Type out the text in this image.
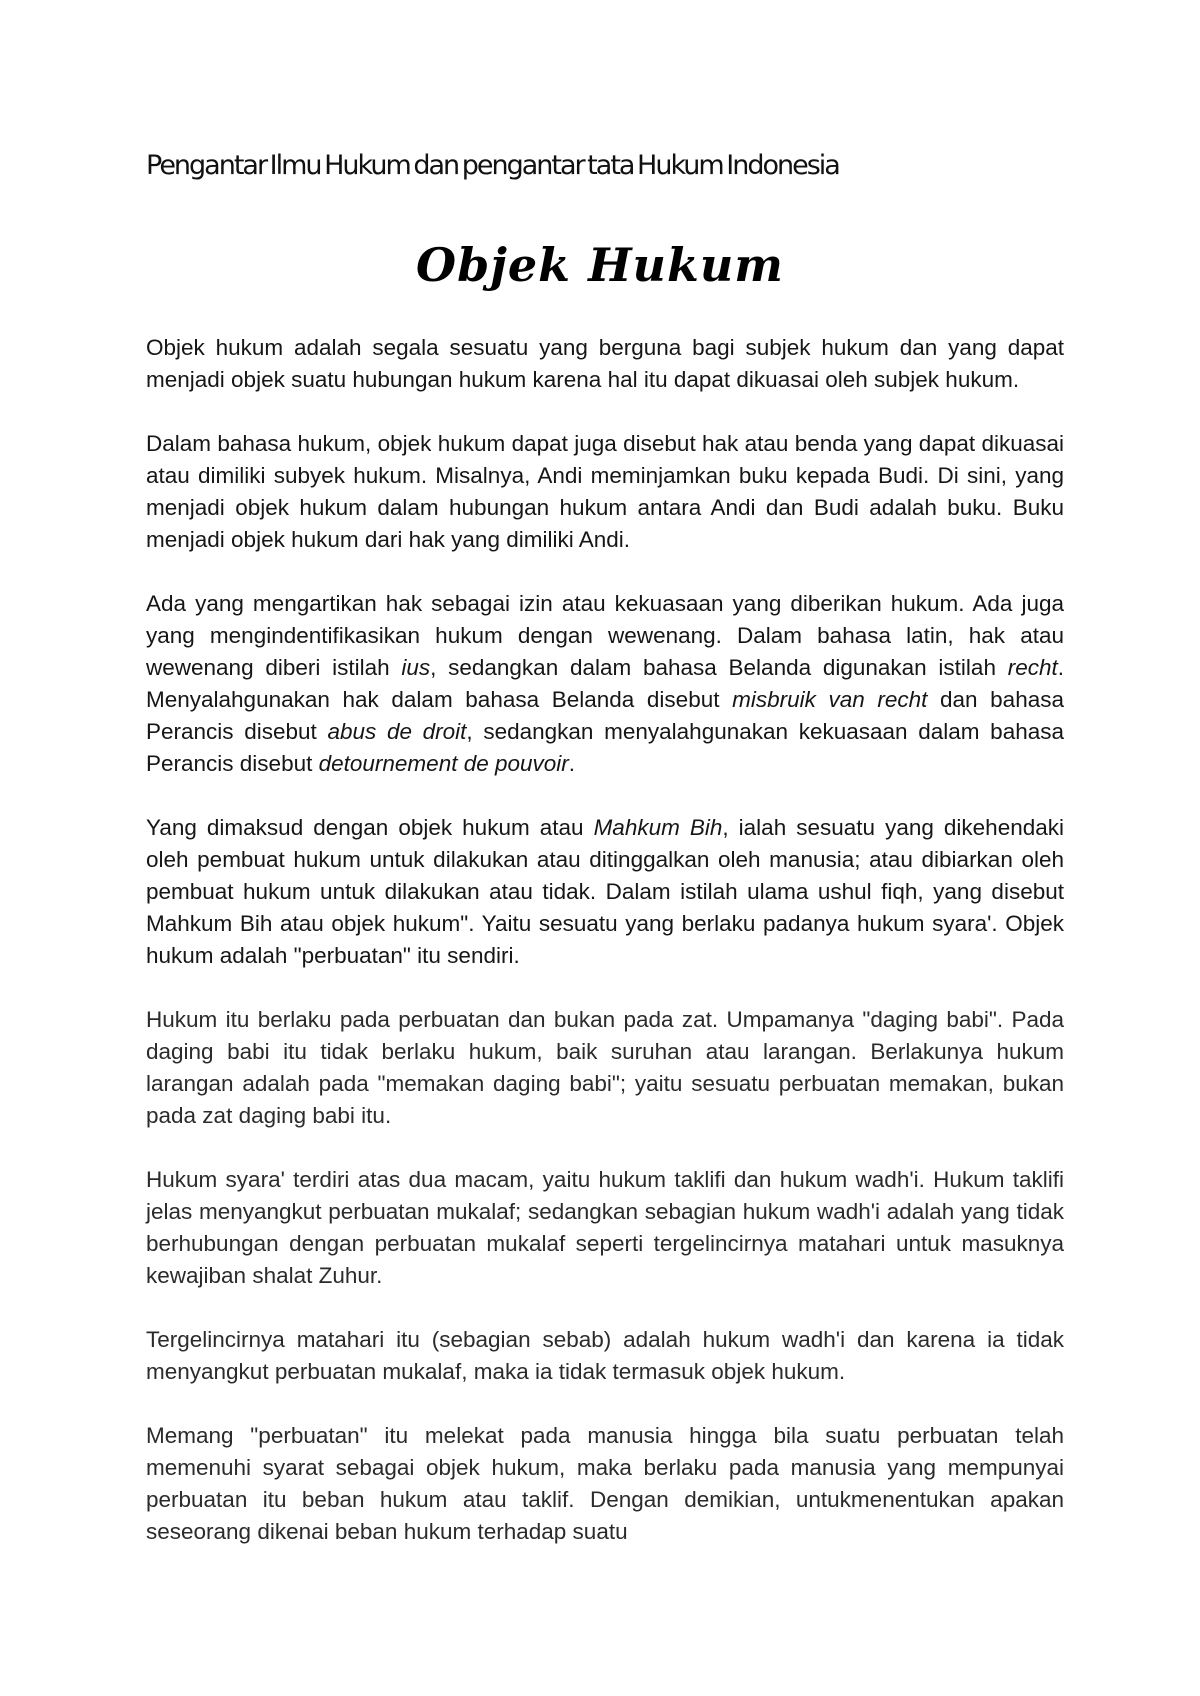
Pengantar Ilmu Hukum dan pengantar tata Hukum Indonesia
Objek Hukum

Objek hukum adalah segala sesuatu yang berguna bagi subjek hukum dan yang dapat menjadi objek suatu hubungan hukum karena hal itu dapat dikuasai oleh subjek hukum.

Dalam bahasa hukum, objek hukum dapat juga disebut hak atau benda yang dapat dikuasai atau dimiliki subyek hukum. Misalnya, Andi meminjamkan buku kepada Budi. Di sini, yang menjadi objek hukum dalam hubungan hukum antara Andi dan Budi adalah buku. Buku menjadi objek hukum dari hak yang dimiliki Andi.

Ada yang mengartikan hak sebagai izin atau kekuasaan yang diberikan hukum. Ada juga yang mengindentifikasikan hukum dengan wewenang. Dalam bahasa latin, hak atau wewenang diberi istilah ius, sedangkan dalam bahasa Belanda digunakan istilah recht. Menyalahgunakan hak dalam bahasa Belanda disebut misbruik van recht dan bahasa Perancis disebut abus de droit, sedangkan menyalahgunakan kekuasaan dalam bahasa Perancis disebut detournement de pouvoir.

Yang dimaksud dengan objek hukum atau Mahkum Bih, ialah sesuatu yang dikehendaki oleh pembuat hukum untuk dilakukan atau ditinggalkan oleh manusia; atau dibiarkan oleh pembuat hukum untuk dilakukan atau tidak. Dalam istilah ulama ushul fiqh, yang disebut Mahkum Bih atau objek hukum". Yaitu sesuatu yang berlaku padanya hukum syara'. Objek hukum adalah "perbuatan" itu sendiri.

Hukum itu berlaku pada perbuatan dan bukan pada zat. Umpamanya "daging babi". Pada daging babi itu tidak berlaku hukum, baik suruhan atau larangan. Berlakunya hukum larangan adalah pada "memakan daging babi"; yaitu sesuatu perbuatan memakan, bukan pada zat daging babi itu.

Hukum syara' terdiri atas dua macam, yaitu hukum taklifi dan hukum wadh'i. Hukum taklifi jelas menyangkut perbuatan mukalaf; sedangkan sebagian hukum wadh'i adalah yang tidak berhubungan dengan perbuatan mukalaf seperti tergelincirnya matahari untuk masuknya kewajiban shalat Zuhur.

Tergelincirnya matahari itu (sebagian sebab) adalah hukum wadh'i dan karena ia tidak menyangkut perbuatan mukalaf, maka ia tidak termasuk objek hukum.

Memang "perbuatan" itu melekat pada manusia hingga bila suatu perbuatan telah memenuhi syarat sebagai objek hukum, maka berlaku pada manusia yang mempunyai perbuatan itu beban hukum atau taklif. Dengan demikian, untukmenentukan apakan seseorang dikenai beban hukum terhadap suatu
